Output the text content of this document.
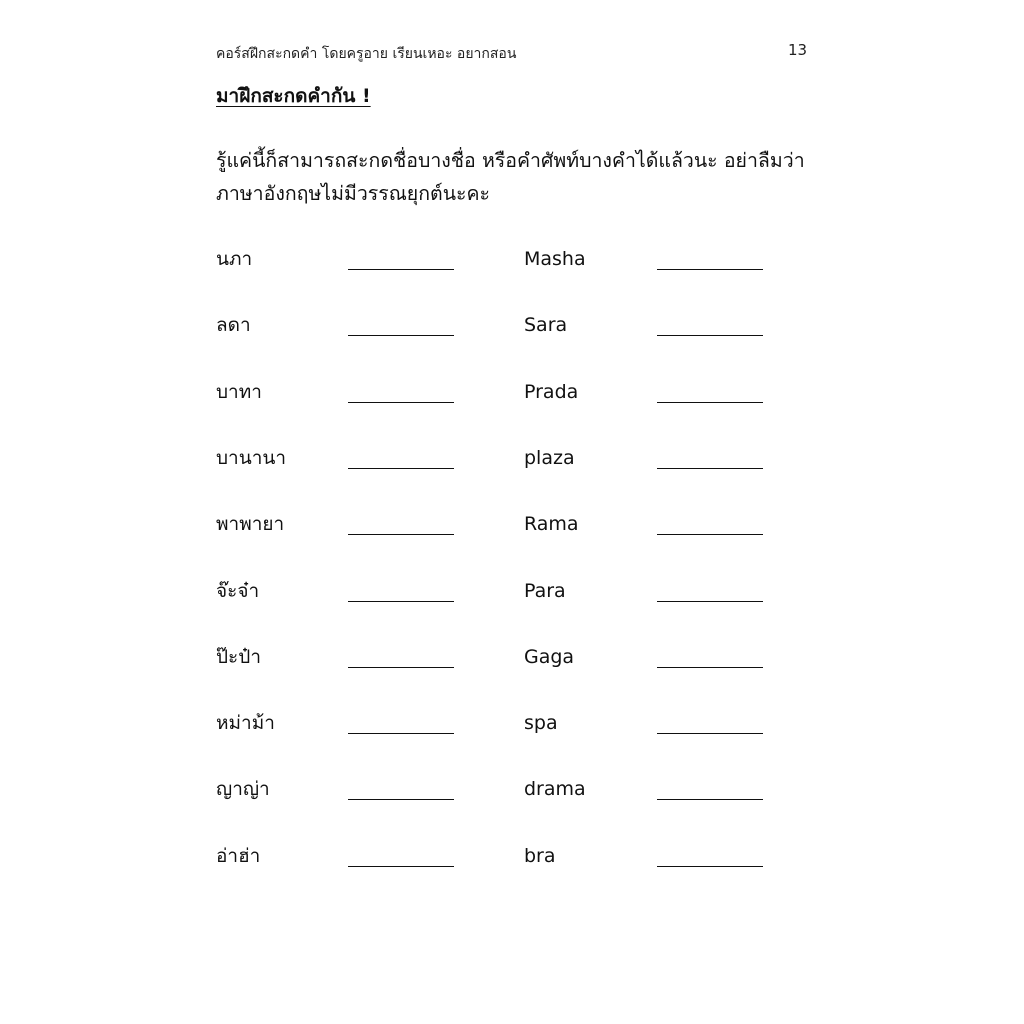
คอร์สฝึกสะกดคำ โดยครูอาย เรียนเหอะ อยากสอน	13
มาฝึกสะกดคำกัน !
รู้แค่นี้ก็สามารถสะกดชื่อบางชื่อ หรือคำศัพท์บางคำได้แล้วนะ อย่าลืมว่า
ภาษาอังกฤษไม่มีวรรณยุกต์นะคะ
นภา	Masha
ลดา	Sara
บาทา	Prada
บานานา	plaza
พาพายา	Rama
จ๊ะจ๋า	Para
ป๊ะป๋า	Gaga
หม่าม้า	spa
ญาญ่า	drama
อ่าฮ่า	bra
